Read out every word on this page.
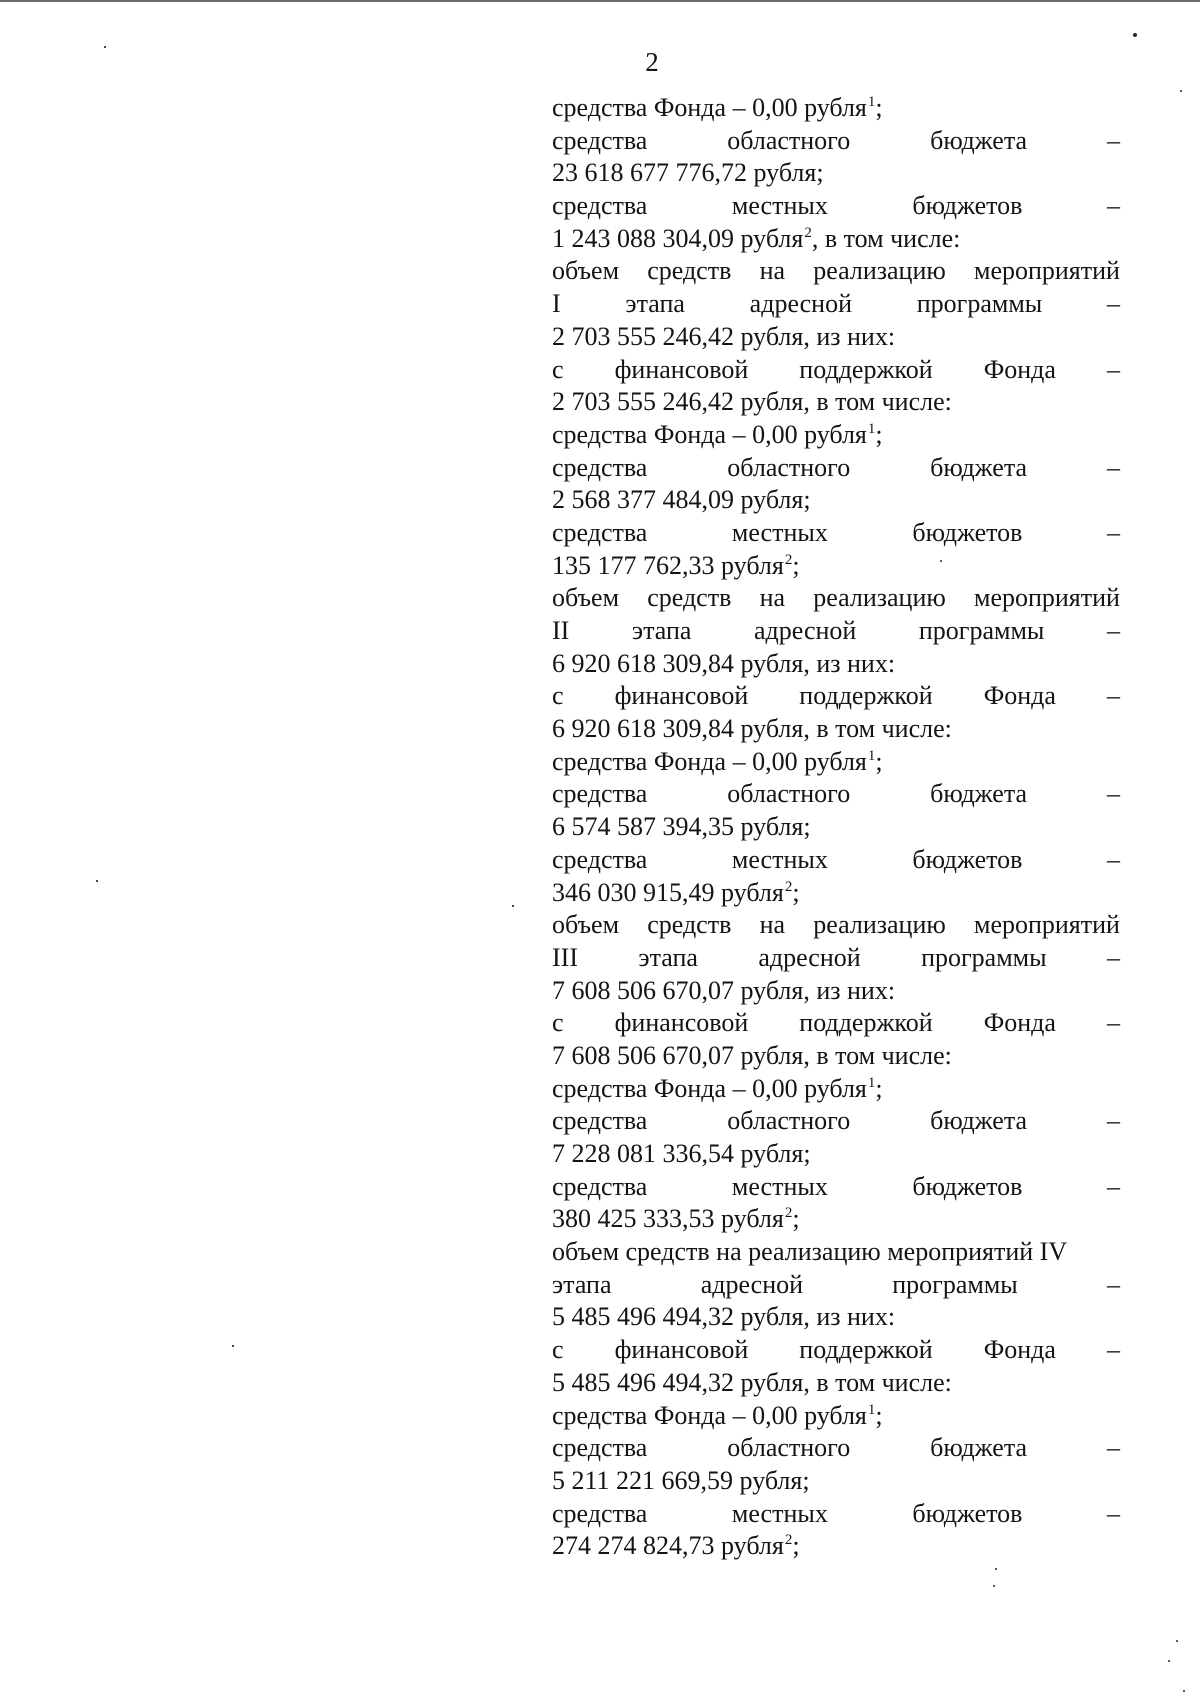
2
средства Фонда – 0,00 рубля$^1$;
средства	областного	бюджета	–
23 618 677 776,72 рубля;
средства	местных	бюджетов	–
1 243 088 304,09 рубля$^2$, в том числе:
объем средств на реализацию мероприятий
I этапа адресной программы –
2 703 555 246,42 рубля, из них:
с финансовой поддержкой Фонда –
2 703 555 246,42 рубля, в том числе:
средства Фонда – 0,00 рубля$^1$;
средства	областного	бюджета	–
2 568 377 484,09 рубля;
средства	местных	бюджетов	–
135 177 762,33 рубля$^2$;
объем средств на реализацию мероприятий
II этапа адресной программы –
6 920 618 309,84 рубля, из них:
с финансовой поддержкой Фонда –
6 920 618 309,84 рубля, в том числе:
средства Фонда – 0,00 рубля$^1$;
средства	областного	бюджета	–
6 574 587 394,35 рубля;
средства	местных	бюджетов	–
346 030 915,49 рубля$^2$;
объем средств на реализацию мероприятий
III этапа адресной программы –
7 608 506 670,07 рубля, из них:
с финансовой поддержкой Фонда –
7 608 506 670,07 рубля, в том числе:
средства Фонда – 0,00 рубля$^1$;
средства	областного	бюджета	–
7 228 081 336,54 рубля;
средства	местных	бюджетов	–
380 425 333,53 рубля$^2$;
объем средств на реализацию мероприятий IV
этапа	адресной	программы	–
5 485 496 494,32 рубля, из них:
с финансовой поддержкой Фонда –
5 485 496 494,32 рубля, в том числе:
средства Фонда – 0,00 рубля$^1$;
средства	областного	бюджета	–
5 211 221 669,59 рубля;
средства	местных	бюджетов	–
274 274 824,73 рубля$^2$;
